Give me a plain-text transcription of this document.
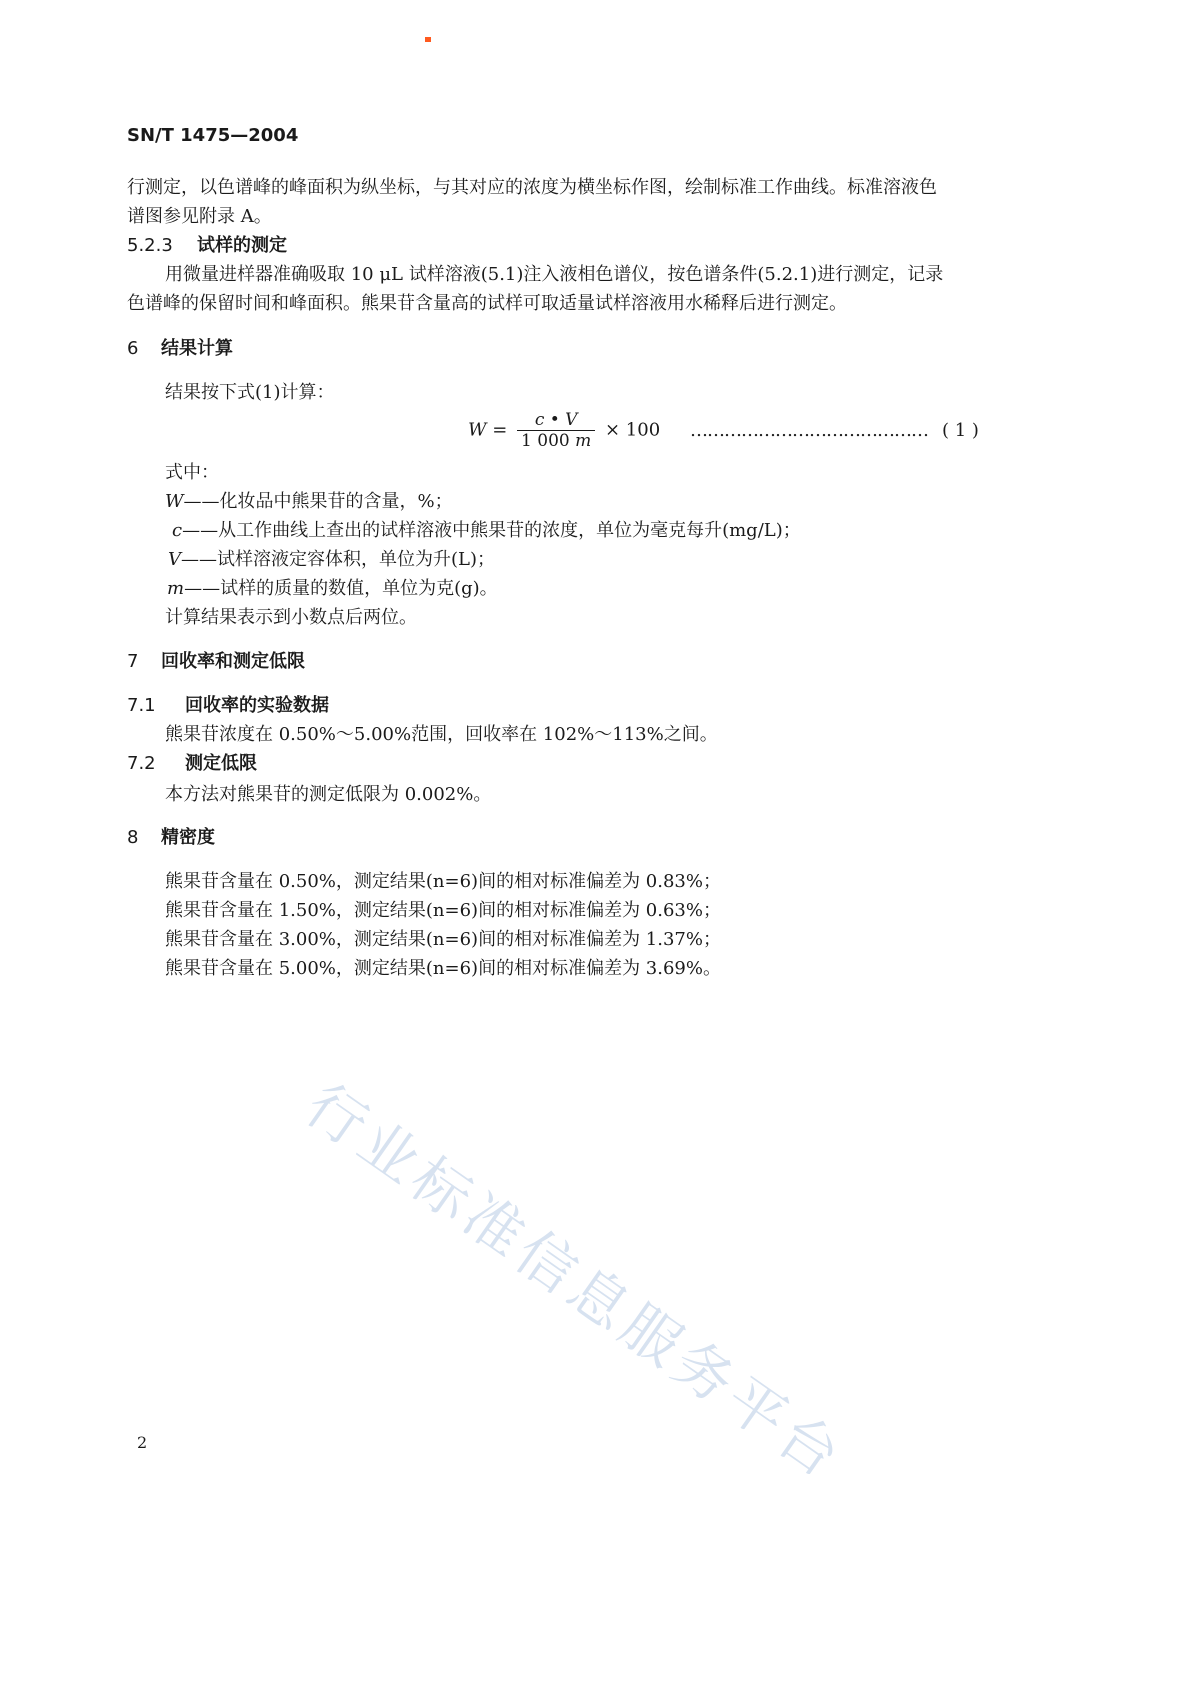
SN/T 1475—2004
行测定，以色谱峰的峰面积为纵坐标，与其对应的浓度为横坐标作图，绘制标准工作曲线。标准溶液色
谱图参见附录 A。
5.2.3 试样的测定
用微量进样器准确吸取 10 μL 试样溶液(5.1)注入液相色谱仪，按色谱条件(5.2.1)进行测定，记录
色谱峰的保留时间和峰面积。熊果苷含量高的试样可取适量试样溶液用水稀释后进行测定。
6 结果计算
结果按下式(1)计算：
$W = \frac{c • V}{1 000 m} \times 100$ …………………………………… ( 1 )
式中：
W——化妆品中熊果苷的含量，%；
c——从工作曲线上查出的试样溶液中熊果苷的浓度，单位为毫克每升(mg/L)；
V——试样溶液定容体积，单位为升(L)；
m——试样的质量的数值，单位为克(g)。
计算结果表示到小数点后两位。
7 回收率和测定低限
7.1 回收率的实验数据
熊果苷浓度在 0.50%～5.00%范围，回收率在 102%～113%之间。
7.2 测定低限
本方法对熊果苷的测定低限为 0.002%。
8 精密度
熊果苷含量在 0.50%，测定结果(n=6)间的相对标准偏差为 0.83%；
熊果苷含量在 1.50%，测定结果(n=6)间的相对标准偏差为 0.63%；
熊果苷含量在 3.00%，测定结果(n=6)间的相对标准偏差为 1.37%；
熊果苷含量在 5.00%，测定结果(n=6)间的相对标准偏差为 3.69%。
行业标准信息服务平台
2
